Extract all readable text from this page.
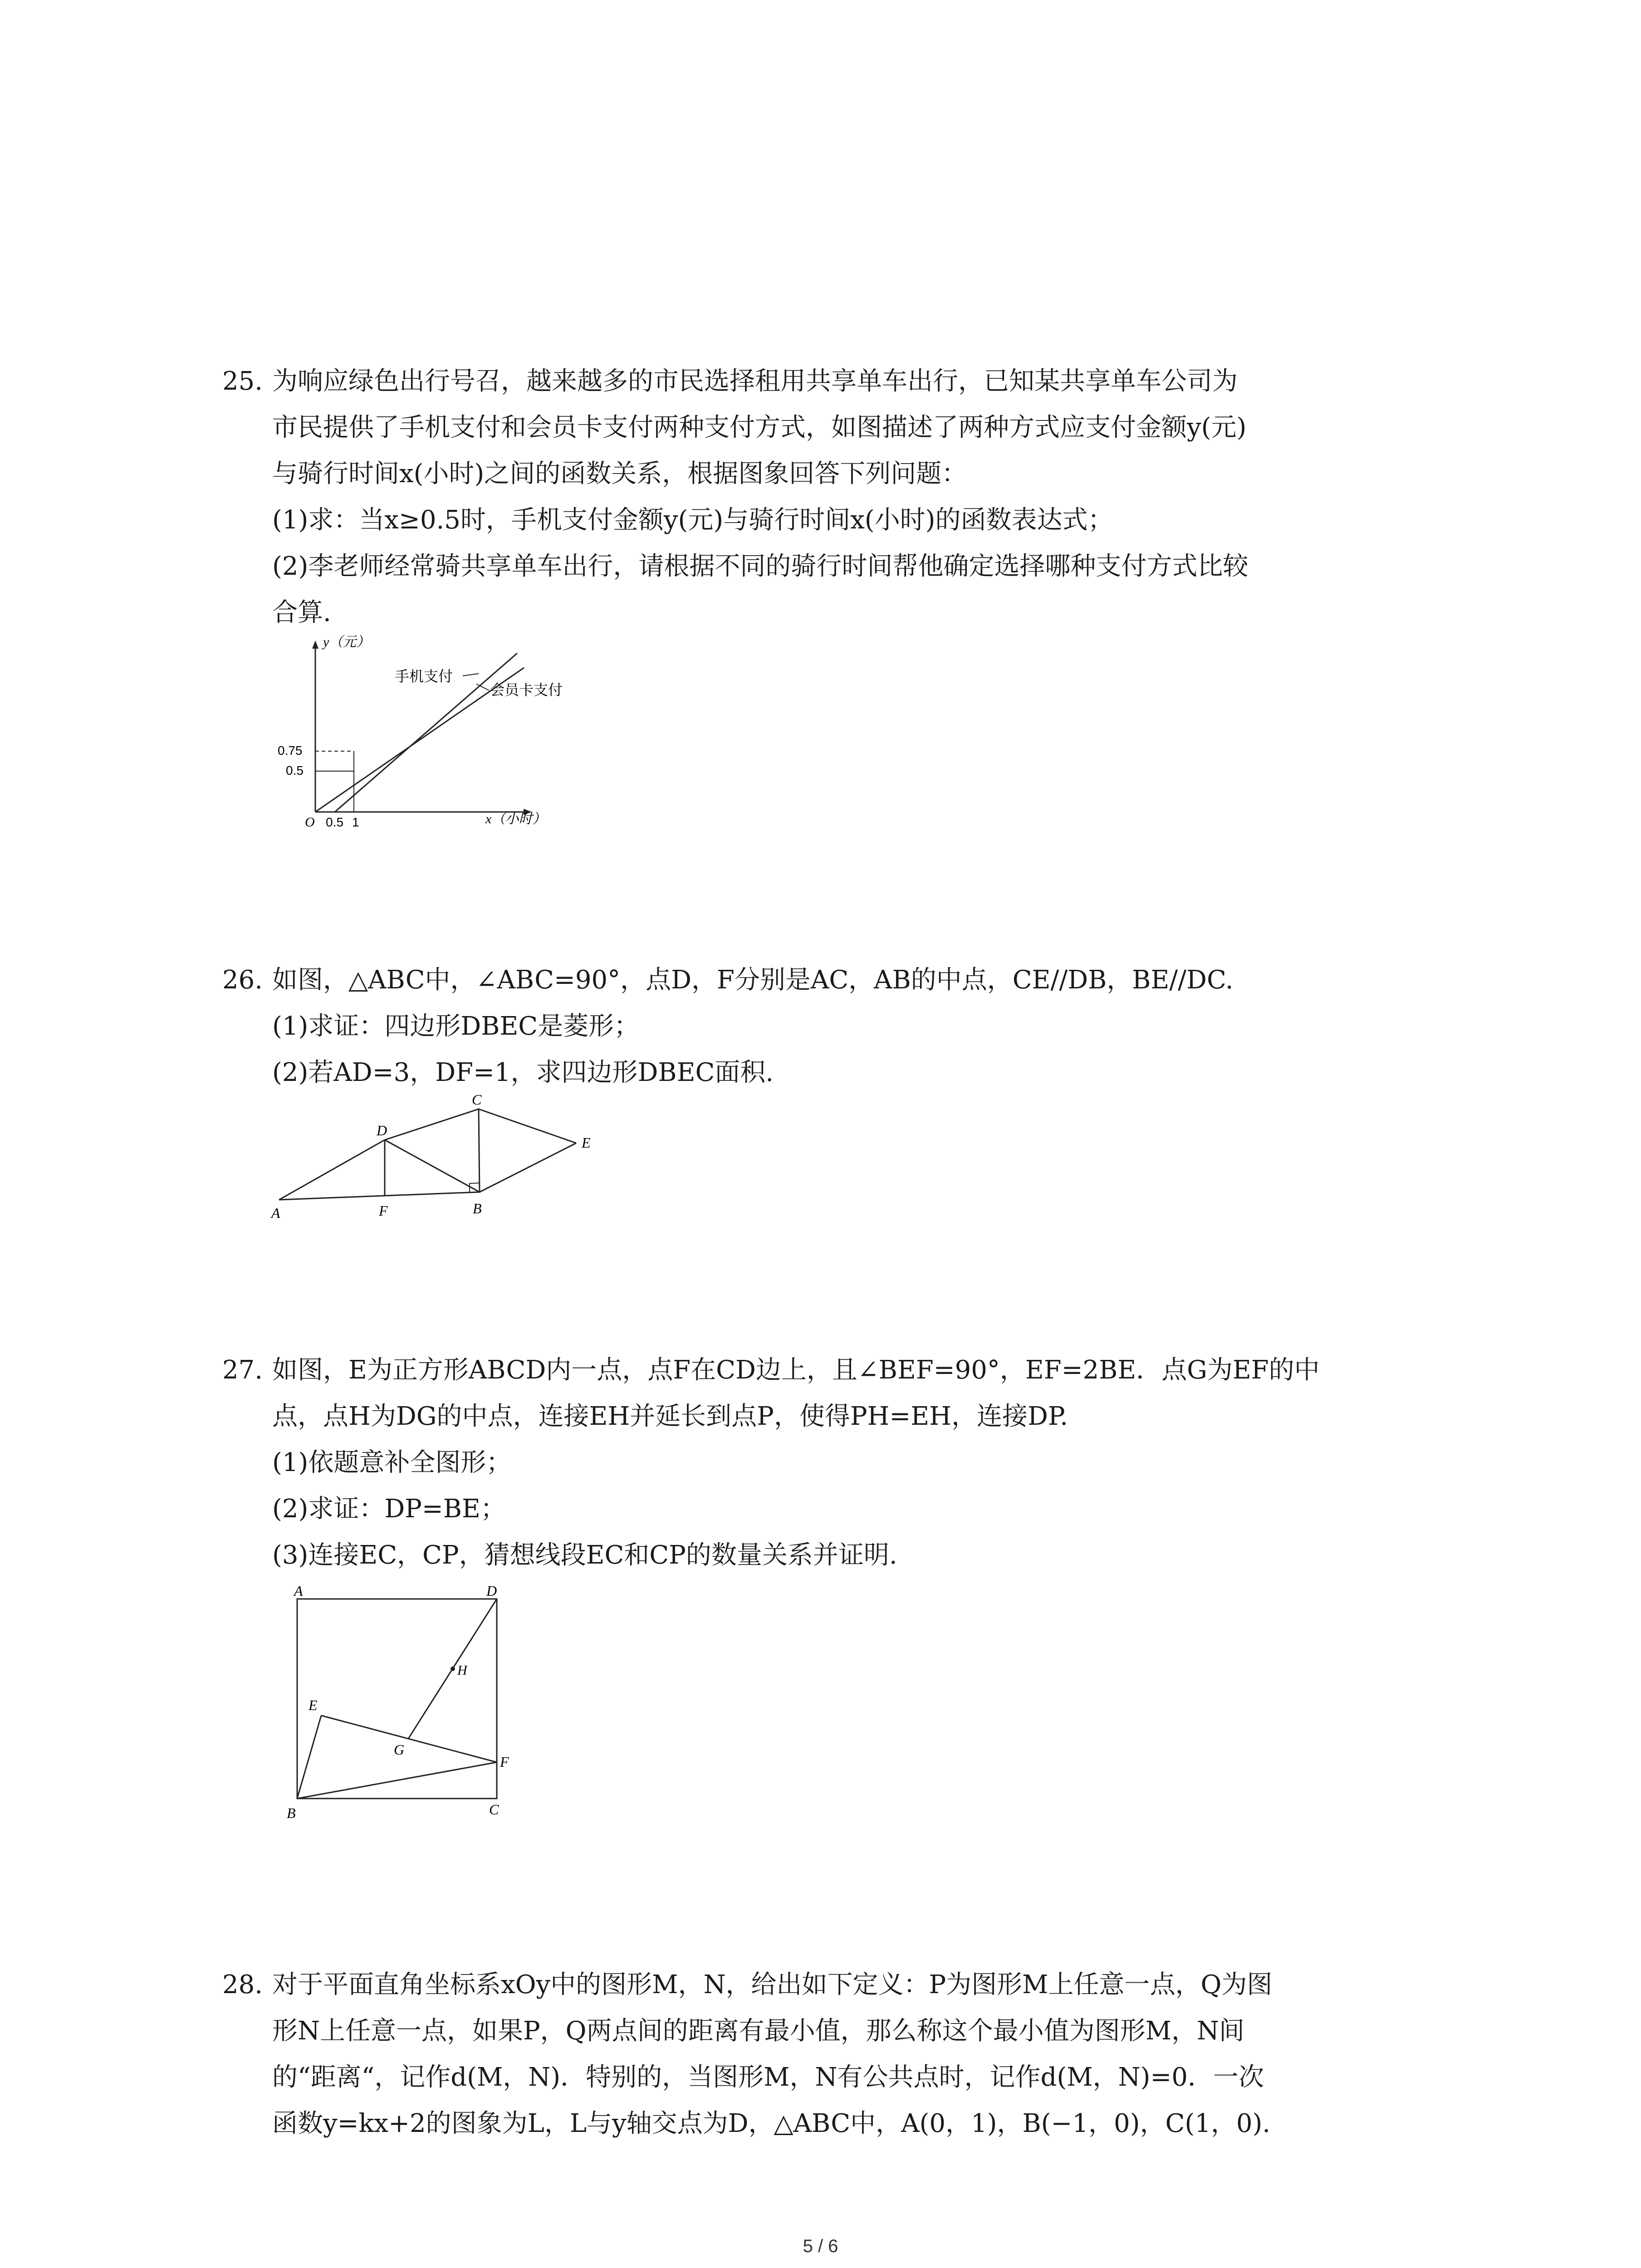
25. 为响应绿色出行号召，越来越多的市民选择租用共享单车出行，已知某共享单车公司为
市民提供了手机支付和会员卡支付两种支付方式，如图描述了两种方式应支付金额y(元)
与骑行时间x(小时)之间的函数关系，根据图象回答下列问题：
(1)求：当x≥0.5时，手机支付金额y(元)与骑行时间x(小时)的函数表达式；
(2)李老师经常骑共享单车出行，请根据不同的骑行时间帮他确定选择哪种支付方式比较
合算.
y（元）
x（小时）
O 0.5 1
0.75
0.5
手机支付
会员卡支付
26. 如图，△ABC中，∠ABC=90°，点D，F分别是AC，AB的中点，CE//DB，BE//DC.
(1)求证：四边形DBEC是菱形；
(2)若AD=3，DF=1，求四边形DBEC面积.
C
D
E
A	F	B
27. 如图，E为正方形ABCD内一点，点F在CD边上，且∠BEF=90°，EF=2BE．点G为EF的中
点，点H为DG的中点，连接EH并延长到点P，使得PH=EH，连接DP.
(1)依题意补全图形；
(2)求证：DP=BE；
(3)连接EC，CP，猜想线段EC和CP的数量关系并证明.
A	D
H
E
G
F
B	C
28. 对于平面直角坐标系xOy中的图形M，N，给出如下定义：P为图形M上任意一点，Q为图
形N上任意一点，如果P，Q两点间的距离有最小值，那么称这个最小值为图形M，N间
的“距离“，记作d(M，N)．特别的，当图形M，N有公共点时，记作d(M，N)=0．一次
函数y=kx+2的图象为L，L与y轴交点为D，△ABC中，A(0，1)，B(−1，0)，C(1，0).
5 / 6
